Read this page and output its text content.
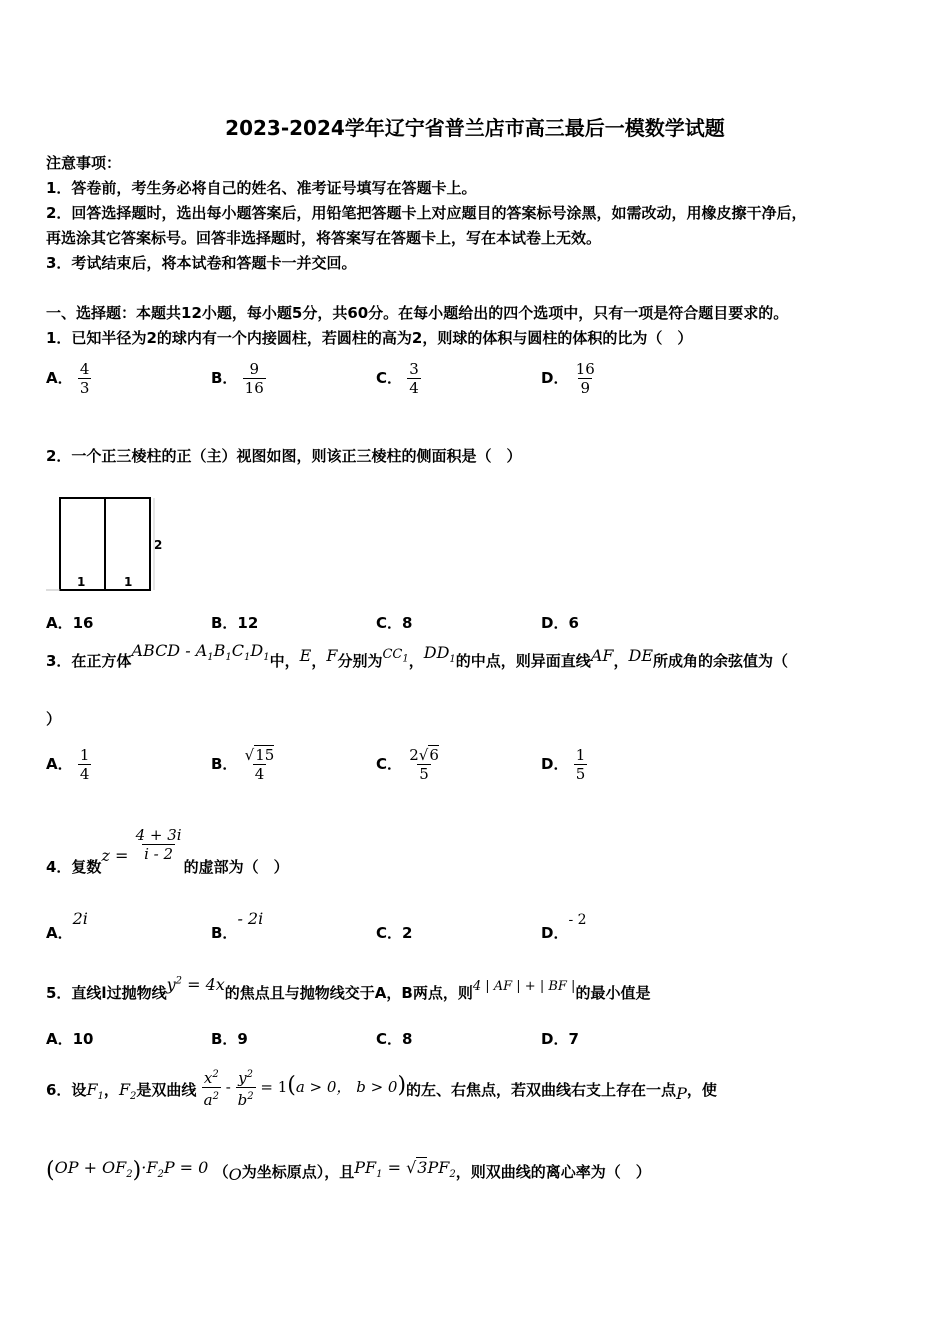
2023-2024学年辽宁省普兰店市高三最后一模数学试题
注意事项：
1．答卷前，考生务必将自己的姓名、准考证号填写在答题卡上。
2．回答选择题时，选出每小题答案后，用铅笔把答题卡上对应题目的答案标号涂黑，如需改动，用橡皮擦干净后，
再选涂其它答案标号。回答非选择题时，将答案写在答题卡上，写在本试卷上无效。
3．考试结束后，将本试卷和答题卡一并交回。
一、选择题：本题共12小题，每小题5分，共60分。在每小题给出的四个选项中，只有一项是符合题目要求的。
1．已知半径为2的球内有一个内接圆柱，若圆柱的高为2，则球的体积与圆柱的体积的比为（　）
A． $\frac{4}{3}$	B． $\frac{9}{16}$	C． $\frac{3}{4}$	D． $\frac{16}{9}$
2．一个正三棱柱的正（主）视图如图，则该正三棱柱的侧面积是（　）
1	1
2
A．16	B．12	C．8	D．6
3．在正方体ABCD - $A_1B_1C_1D_1$中，E，F分别为$CC_1$，$DD_1$的中点，则异面直线AF，DE所成角的余弦值为（
）
A． $\frac{1}{4}$	B． $\frac{√15}{4}$	C． $\frac{2√6}{5}$	D． $\frac{1}{5}$
4．复数$z = \frac{4 + 3i}{i - 2}$
的虚部为（　）
A．2i
B．- 2i
C．2	D．- 2
5．直线l过抛物线$y^2 = 4x$的焦点且与抛物线交于A，B两点，则4 | AF | + | BF |的最小值是
A．10	B．9	C．8	D．7
6．设$F_1$，$F_2$是双曲线 $\frac{x^2}{a^2} - \frac{y^2}{b^2} = 1(a > 0$， b > 0)的左、右焦点，若双曲线右支上存在一点P，使
$(OP + OF_2)\cdot F_2P = 0$ （O为坐标原点），且$PF_1 = √3PF_2$，则双曲线的离心率为（　）
